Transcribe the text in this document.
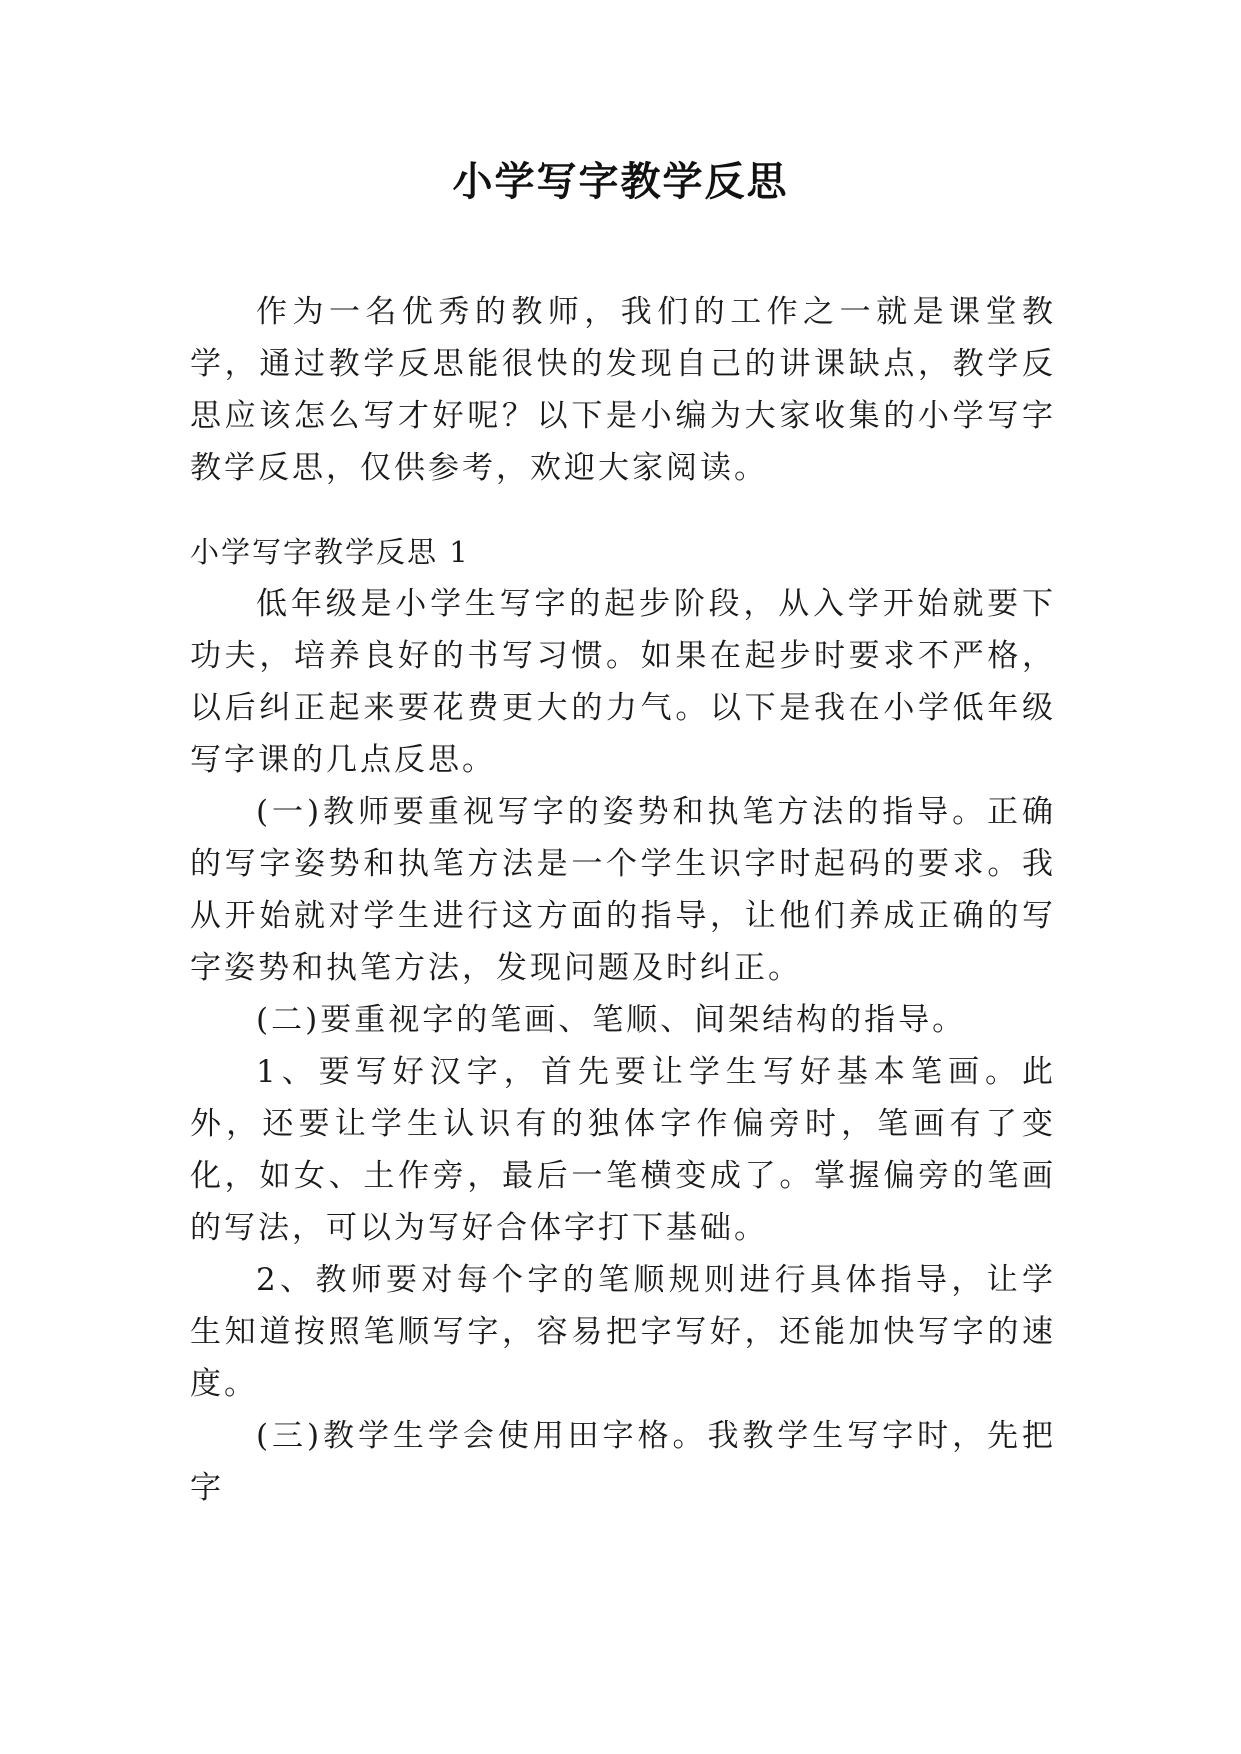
小学写字教学反思

作为一名优秀的教师，我们的工作之一就是课堂教学，通过教学反思能很快的发现自己的讲课缺点，教学反思应该怎么写才好呢？以下是小编为大家收集的小学写字教学反思，仅供参考，欢迎大家阅读。

小学写字教学反思 1

低年级是小学生写字的起步阶段，从入学开始就要下功夫，培养良好的书写习惯。如果在起步时要求不严格，以后纠正起来要花费更大的力气。以下是我在小学低年级写字课的几点反思。

(一)教师要重视写字的姿势和执笔方法的指导。正确的写字姿势和执笔方法是一个学生识字时起码的要求。我从开始就对学生进行这方面的指导，让他们养成正确的写字姿势和执笔方法，发现问题及时纠正。

(二)要重视字的笔画、笔顺、间架结构的指导。

1、要写好汉字，首先要让学生写好基本笔画。此外，还要让学生认识有的独体字作偏旁时，笔画有了变化，如女、土作旁，最后一笔横变成了。掌握偏旁的笔画的写法，可以为写好合体字打下基础。

2、教师要对每个字的笔顺规则进行具体指导，让学生知道按照笔顺写字，容易把字写好，还能加快写字的速度。

(三)教学生学会使用田字格。我教学生写字时，先把字
